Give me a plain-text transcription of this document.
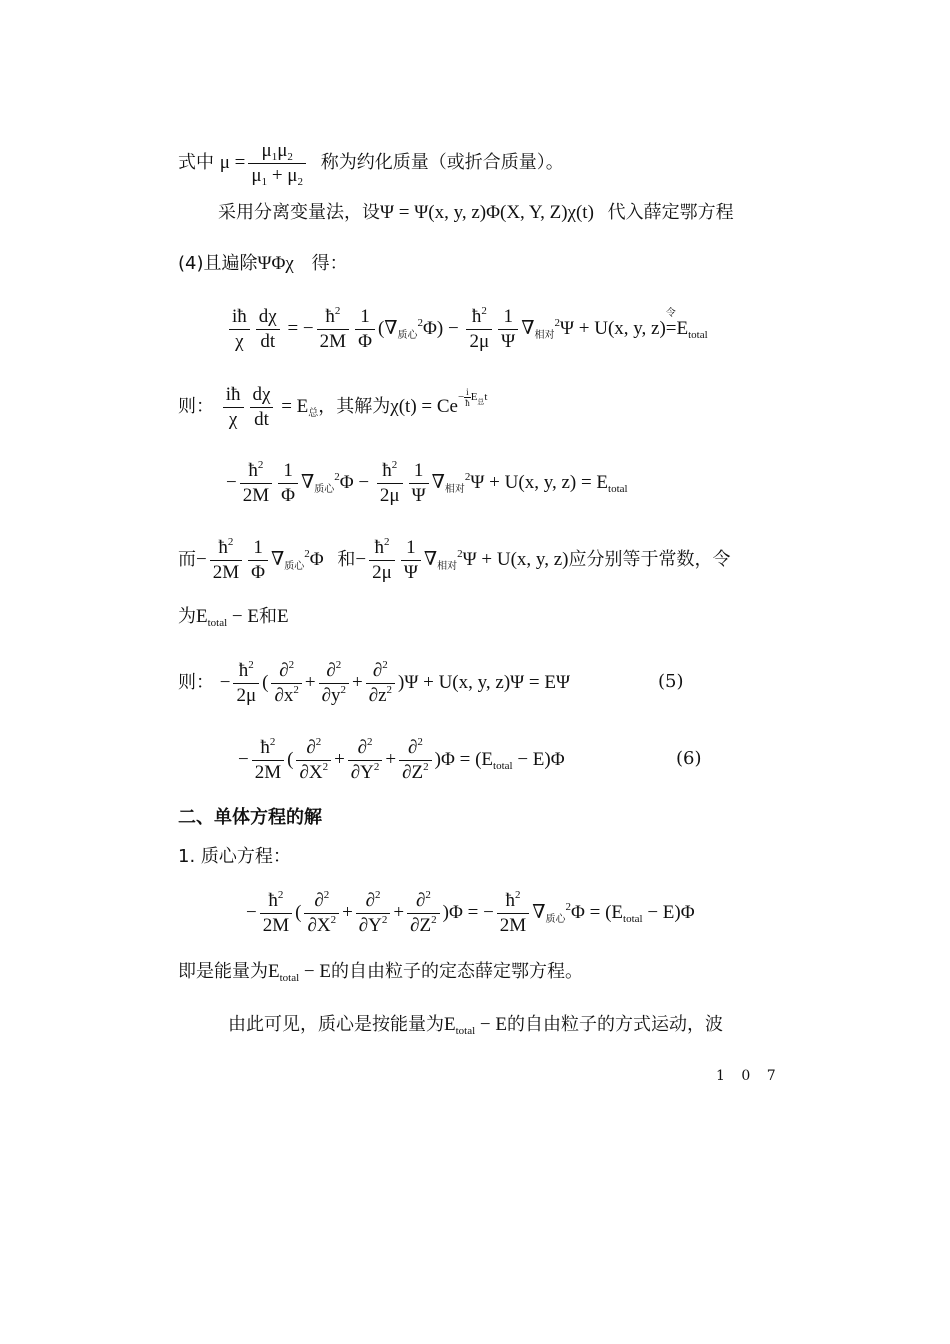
式中 $\mu = \frac{\mu_1\mu_2}{\mu_1 + \mu_2}$ 称为约化质量（或折合质量）。
采用分离变量法，设Ψ = Ψ(x, y, z)Φ(X, Y, Z)χ(t) 代入薛定鄂方程
(4)且遍除ΨΦχ 得：
$\frac{iħ}{\chi} \frac{d\chi}{dt}$ = − $\frac{ħ^2}{2M} \frac{1}{\Phi} (\nabla_{质心}^2\Phi) - \frac{ħ^2}{2\mu} \frac{1}{\Psi} \nabla_{相对}^2\Psi + U(x$, y, z)=
令
$E_{total}$
则： $\frac{iħ}{\chi} \frac{d\chi}{dt} = E_总$，其解为$\chi(t) = Ce^{- \frac{i}{ħ} E_总t}$
− $\frac{ħ^2}{2M} \frac{1}{\Phi} \nabla_{质心}^2\Phi - \frac{ħ^2}{2\mu} \frac{1}{\Psi} \nabla_{相对}^2\Psi + U(x$, y, $z) = E_{total}$
而− $\frac{ħ^2}{2M} \frac{1}{\Phi} \nabla_{质心}^2\Phi$ 和− $\frac{ħ^2}{2\mu} \frac{1}{\Psi} \nabla_{相对}^2\Psi + U(x$, y, z)应分别等于常数，令
为$E_{total} - E$和E
则： − $\frac{ħ^2}{2\mu}$ ( $\frac{\partial^2}{\partial x^2} + \frac{\partial^2}{\partial y^2} + \frac{\partial^2}{\partial z^2} )\Psi + U(x$, y, z)Ψ = EΨ	(5)
− $\frac{ħ^2}{2M}$ ( $\frac{\partial^2}{\partial X^2} + \frac{\partial^2}{\partial Y^2} + \frac{\partial^2}{\partial Z^2} )\Phi = (E_{total} - E)\Phi$	(6)
二、单体方程的解
1. 质心方程：
− $\frac{ħ^2}{2M}$ ( $\frac{\partial^2}{\partial X^2} + \frac{\partial^2}{\partial Y^2} + \frac{\partial^2}{\partial Z^2} )\Phi$ = − $\frac{ħ^2}{2M} \nabla_{质心}^2\Phi = (E_{total} - E)\Phi$
即是能量为$E_{total} - E$的自由粒子的定态薛定鄂方程。
由此可见，质心是按能量为$E_{total} - E$的自由粒子的方式运动，波
1 0 7
